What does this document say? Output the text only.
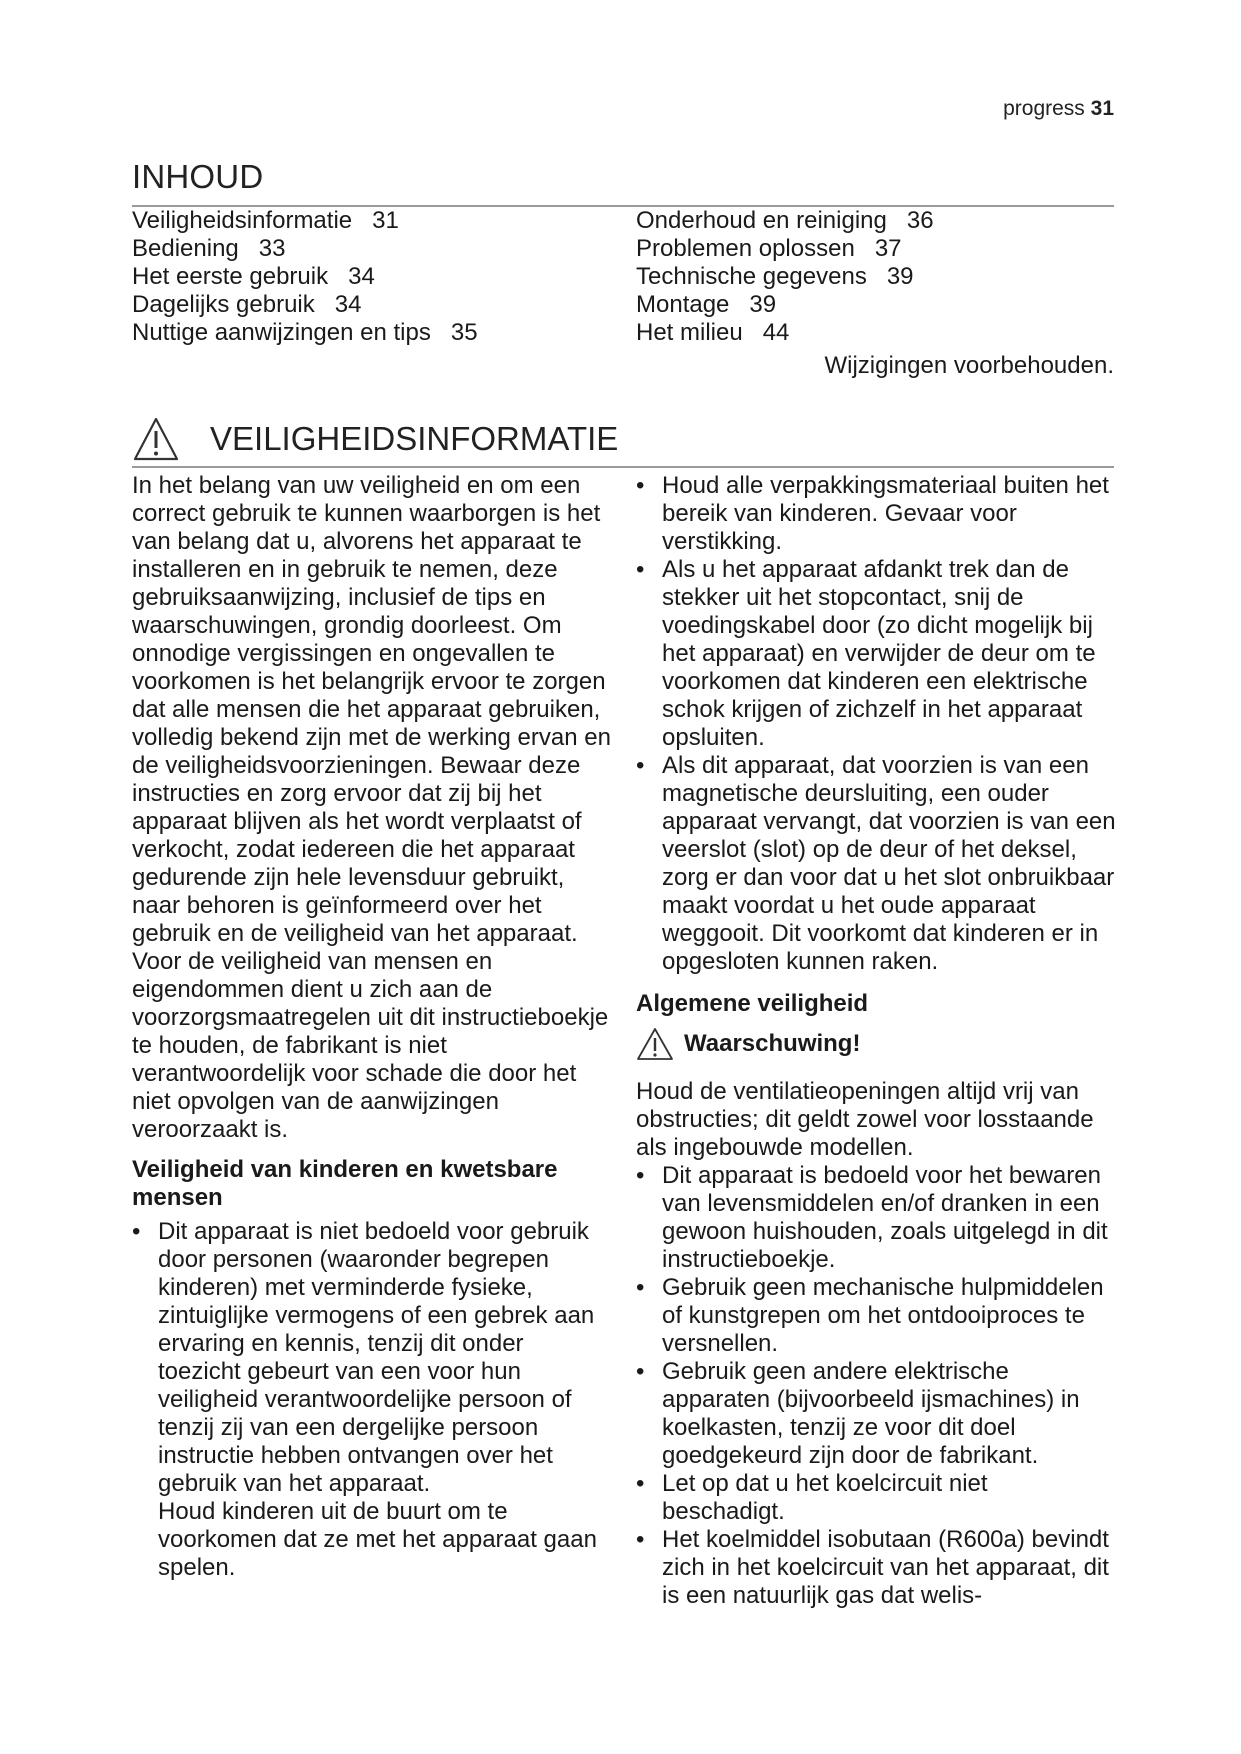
progress 31
INHOUD
Veiligheidsinformatie 31
Bediening 33
Het eerste gebruik 34
Dagelijks gebruik 34
Nuttige aanwijzingen en tips 35
Onderhoud en reiniging 36
Problemen oplossen 37
Technische gegevens 39
Montage 39
Het milieu 44
Wijzigingen voorbehouden.
VEILIGHEIDSINFORMATIE

In het belang van uw veiligheid en om een correct gebruik te kunnen waarborgen is het van belang dat u, alvorens het apparaat te installeren en in gebruik te nemen, deze gebruiksaanwijzing, inclusief de tips en waarschuwingen, grondig doorleest. Om onnodige vergissingen en ongevallen te voorkomen is het belangrijk ervoor te zorgen dat alle mensen die het apparaat gebruiken, volledig bekend zijn met de werking ervan en de veiligheidsvoorzieningen. Bewaar deze instructies en zorg ervoor dat zij bij het apparaat blijven als het wordt verplaatst of verkocht, zodat iedereen die het apparaat gedurende zijn hele levensduur gebruikt, naar behoren is geïnformeerd over het gebruik en de veiligheid van het apparaat.

Voor de veiligheid van mensen en eigendommen dient u zich aan de voorzorgsmaatregelen uit dit instructieboekje te houden, de fabrikant is niet verantwoordelijk voor schade die door het niet opvolgen van de aanwijzingen veroorzaakt is.

Veiligheid van kinderen en kwetsbare mensen

• Dit apparaat is niet bedoeld voor gebruik door personen (waaronder begrepen kinderen) met verminderde fysieke, zintuiglijke vermogens of een gebrek aan ervaring en kennis, tenzij dit onder toezicht gebeurt van een voor hun veiligheid verantwoordelijke persoon of tenzij zij van een dergelijke persoon instructie hebben ontvangen over het gebruik van het apparaat.

Houd kinderen uit de buurt om te voorkomen dat ze met het apparaat gaan spelen.

• Houd alle verpakkingsmateriaal buiten het bereik van kinderen. Gevaar voor verstikking.
• Als u het apparaat afdankt trek dan de stekker uit het stopcontact, snij de voedingskabel door (zo dicht mogelijk bij het apparaat) en verwijder de deur om te voorkomen dat kinderen een elektrische schok krijgen of zichzelf in het apparaat opsluiten.
• Als dit apparaat, dat voorzien is van een magnetische deursluiting, een ouder apparaat vervangt, dat voorzien is van een veerslot (slot) op de deur of het deksel, zorg er dan voor dat u het slot onbruikbaar maakt voordat u het oude apparaat weggooit. Dit voorkomt dat kinderen er in opgesloten kunnen raken.

Algemene veiligheid

Waarschuwing!

Houd de ventilatieopeningen altijd vrij van obstructies; dit geldt zowel voor losstaande als ingebouwde modellen.

• Dit apparaat is bedoeld voor het bewaren van levensmiddelen en/of dranken in een gewoon huishouden, zoals uitgelegd in dit instructieboekje.
• Gebruik geen mechanische hulpmiddelen of kunstgrepen om het ontdooiproces te versnellen.
• Gebruik geen andere elektrische apparaten (bijvoorbeeld ijsmachines) in koelkasten, tenzij ze voor dit doel goedgekeurd zijn door de fabrikant.
• Let op dat u het koelcircuit niet beschadigt.
• Het koelmiddel isobutaan (R600a) bevindt zich in het koelcircuit van het apparaat, dit is een natuurlijk gas dat welis-
